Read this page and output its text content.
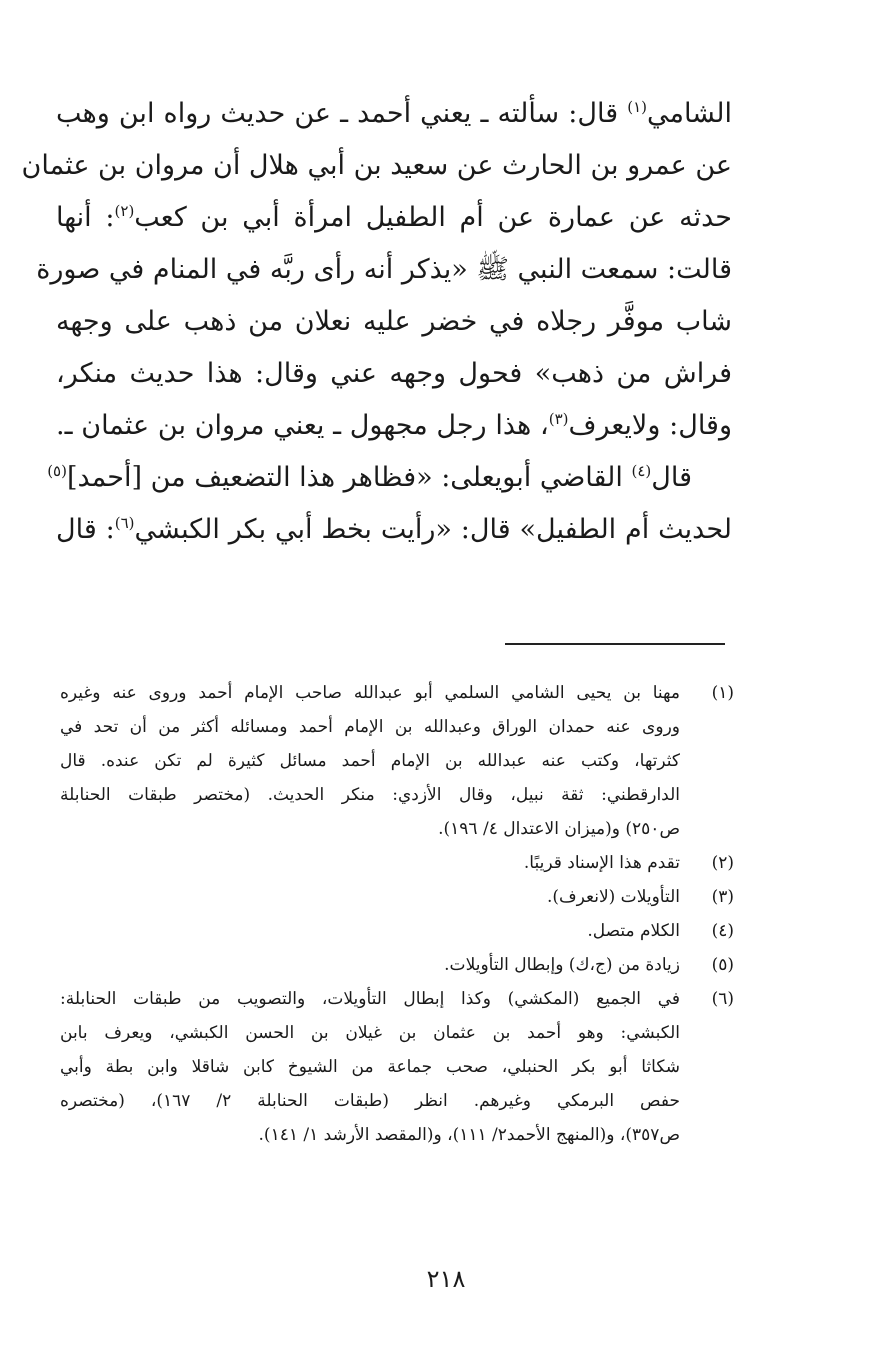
الشامي$^{(١)}$ قال: سألته ـ يعني أحمد ـ عن حديث رواه ابن وهب
عن عمرو بن الحارث عن سعيد بن أبي هلال أن مروان بن عثمان
حدثه عن عمارة عن أم الطفيل امرأة أبي بن كعب$^{(٢)}$: أنها
قالت: سمعت النبي ﷺ «يذكر أنه رأى ربَّه في المنام في صورة
شاب موفَّر رجلاه في خضر عليه نعلان من ذهب على وجهه
فراش من ذهب» فحول وجهه عني وقال: هذا حديث منكر،
وقال: ولايعرف$^{(٣)}$، هذا رجل مجهول ـ يعني مروان بن عثمان ـ.
قال$^{(٤)}$ القاضي أبويعلى: «فظاهر هذا التضعيف من [أحمد]$^{(٥)}$
لحديث أم الطفيل» قال: «رأيت بخط أبي بكر الكبشي$^{(٦)}$: قال
(١)
مهنا بن يحيى الشامي السلمي أبو عبدالله صاحب الإمام أحمد وروى عنه وغيره
وروى عنه حمدان الوراق وعبدالله بن الإمام أحمد ومسائله أكثر من أن تحد في
كثرتها، وكتب عنه عبدالله بن الإمام أحمد مسائل كثيرة لم تكن عنده. قال
الدارقطني: ثقة نبيل، وقال الأزدي: منكر الحديث. (مختصر طبقات الحنابلة
ص٢٥٠) و(ميزان الاعتدال ٤/ ١٩٦).
(٢)
تقدم هذا الإسناد قريبًا.
(٣)
التأويلات (لانعرف).
(٤)
الكلام متصل.
(٥)
زيادة من (ج،ك) وإبطال التأويلات.
(٦)
في الجميع (المكشي) وكذا إبطال التأويلات، والتصويب من طبقات الحنابلة:
الكبشي: وهو أحمد بن عثمان بن غيلان بن الحسن الكبشي، ويعرف بابن
شكاثا أبو بكر الحنبلي، صحب جماعة من الشيوخ كابن شاقلا وابن بطة وأبي
حفص البرمكي وغيرهم. انظر (طبقات الحنابلة ٢/ ١٦٧)، (مختصره
ص٣٥٧)، و(المنهج الأحمد٢/ ١١١)، و(المقصد الأرشد ١/ ١٤١).
٢١٨
